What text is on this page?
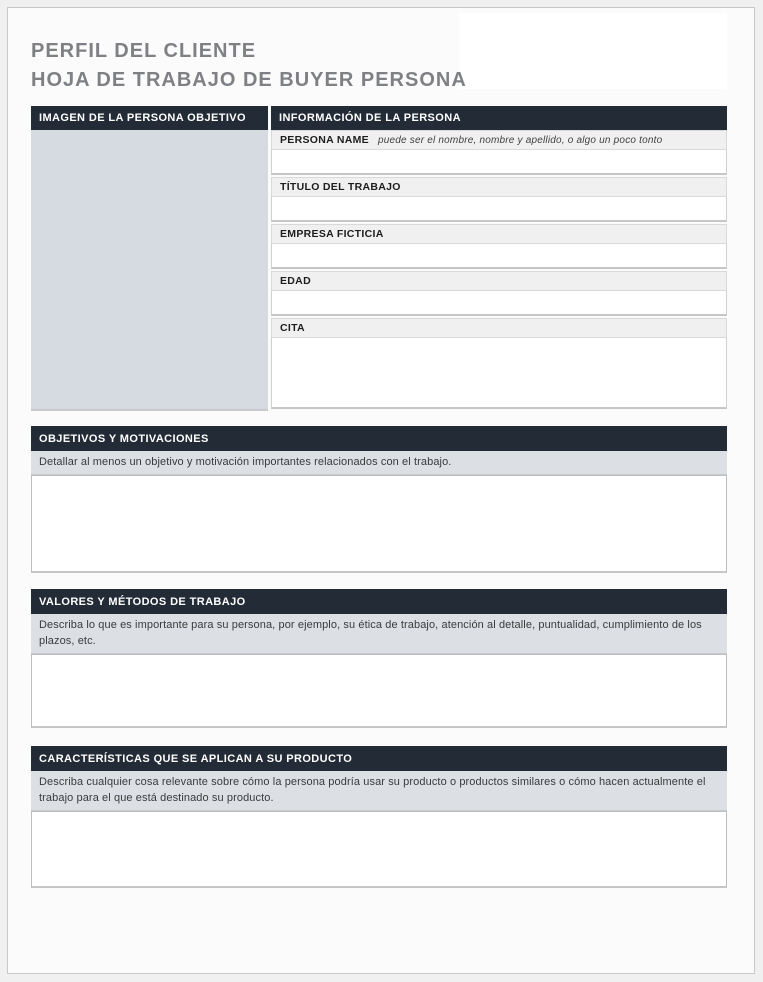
PERFIL DEL CLIENTE
HOJA DE TRABAJO DE BUYER PERSONA
IMAGEN DE LA PERSONA OBJETIVO	INFORMACIÓN DE LA PERSONA
PERSONA NAME puede ser el nombre, nombre y apellido, o algo un poco tonto
TÍTULO DEL TRABAJO
EMPRESA FICTICIA
EDAD
CITA
OBJETIVOS Y MOTIVACIONES
Detallar al menos un objetivo y motivación importantes relacionados con el trabajo.
VALORES Y MÉTODOS DE TRABAJO
Describa lo que es importante para su persona, por ejemplo, su ética de trabajo, atención al detalle, puntualidad, cumplimiento de los plazos, etc.
CARACTERÍSTICAS QUE SE APLICAN A SU PRODUCTO
Describa cualquier cosa relevante sobre cómo la persona podría usar su producto o productos similares o cómo hacen actualmente el trabajo para el que está destinado su producto.
